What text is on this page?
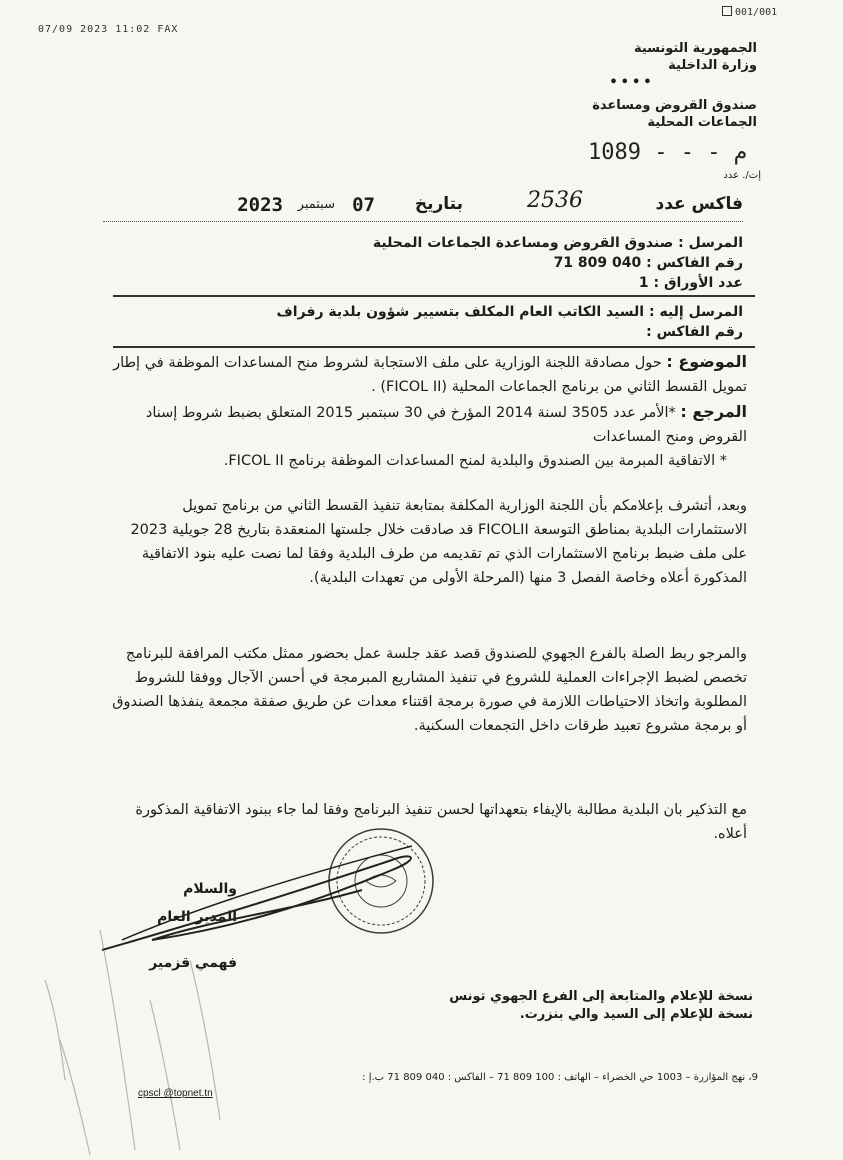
07/09 2023 11:02 FAX
001/001
الجمهورية التونسية
وزارة الداخلية
••••
صندوق القروض ومساعدة
الجماعات المحلية
1089 - - - م
إت/. عدد
فاكس عدد
2536
بتاريخ
07
سبتمبر
2023
المرسل : صندوق القروض ومساعدة الجماعات المحلية
رقم الفاكس : 71 809 040
عدد الأوراق : 1
المرسل إليه : السيد الكاتب العام المكلف بتسيير شؤون بلدية رفراف
رقم الفاكس :
الموضوع : حول مصادقة اللجنة الوزارية على ملف الاستجابة لشروط منح المساعدات الموظفة في إطار تمويل القسط الثاني من برنامج الجماعات المحلية (FICOL II) .
المرجع : *الأمر عدد 3505 لسنة 2014 المؤرخ في 30 سبتمبر 2015 المتعلق بضبط شروط إسناد القروض ومنح المساعدات
* الاتفاقية المبرمة بين الصندوق والبلدية لمنح المساعدات الموظفة برنامج FICOL II.
وبعد، أتشرف بإعلامكم بأن اللجنة الوزارية المكلفة بمتابعة تنفيذ القسط الثاني من برنامج تمويل الاستثمارات البلدية بمناطق التوسعة FICOLII قد صادقت خلال جلستها المنعقدة بتاريخ 28 جويلية 2023 على ملف ضبط برنامج الاستثمارات الذي تم تقديمه من طرف البلدية وفقا لما نصت عليه بنود الاتفاقية المذكورة أعلاه وخاصة الفصل 3 منها (المرحلة الأولى من تعهدات البلدية).
والمرجو ربط الصلة بالفرع الجهوي للصندوق قصد عقد جلسة عمل بحضور ممثل مكتب المرافقة للبرنامج تخصص لضبط الإجراءات العملية للشروع في تنفيذ المشاريع المبرمجة في أحسن الآجال ووفقا للشروط المطلوبة واتخاذ الاحتياطات اللازمة في صورة برمجة اقتناء معدات عن طريق صفقة مجمعة ينفذها الصندوق أو برمجة مشروع تعبيد طرقات داخل التجمعات السكنية.
مع التذكير بان البلدية مطالبة بالإيفاء بتعهداتها لحسن تنفيذ البرنامج وفقا لما جاء ببنود الاتفاقية المذكورة أعلاه.
والسلام
المدير العام
فهمي قزمير
نسخة للإعلام والمتابعة إلى الفرع الجهوي تونس
نسخة للإعلام إلى السيد والي بنزرت.
9، نهج المؤازرة – 1003 حي الخضراء – الهاتف : 100 809 71 – الفاكس : 040 809 71 ب.إ :
cpscl @topnet.tn
